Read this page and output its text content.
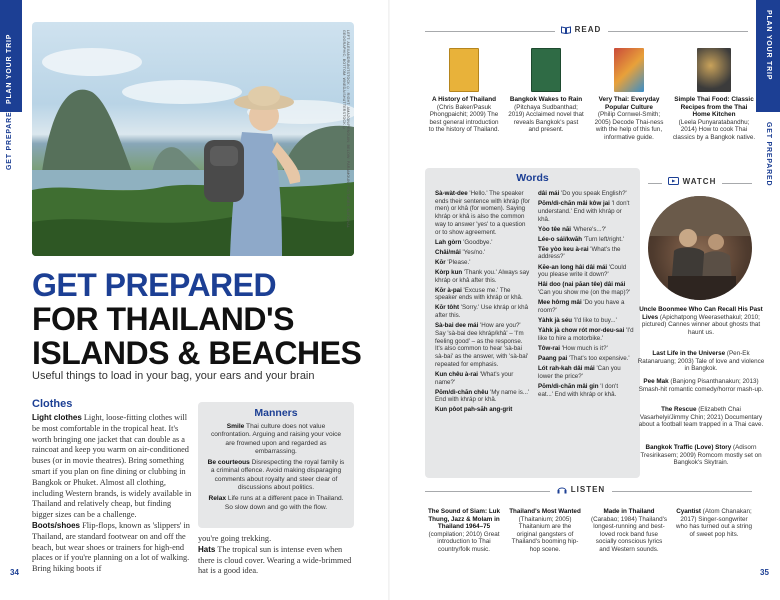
PLAN YOUR TRIP
GET PREPARED	LEFT: ALEXANDRUNITSTOCK ©; RIGHT: AMAZON/PENGUIN; BELOW: PARAMOUNT PICTURES; NATIONAL GEOGRAPHIC; BOTTOM: WNEDA/SHUTTERSTOCK ©
GET PREPARED
FOR THAILAND'S
ISLANDS & BEACHES
Useful things to load in your bag, your ears and your brain
Clothes
Light clothes Light, loose-fitting clothes will be most comfortable in the tropical heat. It's worth bringing one jacket that can double as a raincoat and keep you warm on air-conditioned buses (or in movie theatres). Bring something smart if you plan on fine dining or clubbing in Bangkok or Phuket. Almost all clothing, including Western brands, is widely available in Thailand and relatively cheap, but finding bigger sizes can be a challenge.
Boots/shoes Flip-flops, known as 'slippers' in Thailand, are standard footwear on and off the beach, but wear shoes or trainers for high-end places or if you're planning on a lot of walking. Bring hiking boots if
Manners

Smile Thai culture does not value confrontation. Arguing and raising your voice are frowned upon and regarded as embarrassing.

Be courteous Disrespecting the royal family is a criminal offence. Avoid making disparaging comments about royalty and steer clear of discussions about politics.

Relax Life runs at a different pace in Thailand. So slow down and go with the flow.

you're going trekking.
Hats The tropical sun is intense even when there is cloud cover. Wearing a wide-brimmed hat is a good idea.
34
PLAN YOUR TRIP
GET PREPARED
READ
A History of Thailand
(Chris Baker/Pasuk Phongpaichit; 2009) The best general introduction to the history of Thailand.
Bangkok Wakes to Rain
(Pitchaya Sudbanthad; 2019) Acclaimed novel that reveals Bangkok's past and present.
Very Thai: Everyday Popular Culture
(Philip Cornwel-Smith; 2005) Decode Thai-ness with the help of this fun, informative guide.
Simple Thai Food: Classic Recipes from the Thai Home Kitchen
(Leela Punyaratabandhu; 2014) How to cook Thai classics by a Bangkok native.
Words
Sà-wàt-dee 'Hello.' The speaker ends their sentence with khráp (for men) or khâ (for women). Saying khráp or khâ is also the common way to answer 'yes' to a question or to show agreement.
Lah gòrn 'Goodbye.'
Châi/mâi 'Yes/no.'
Kŏr 'Please.'
Kòrp kun 'Thank you.' Always say khráp or khâ after this.
Kŏr à-pai 'Excuse me.' The speaker ends with khráp or khâ.
Kŏr tôht 'Sorry.' Use khráp or khâ after this.
Sà-bai dee mái 'How are you?' Say 'sà-bai dee khráp/khâ' – 'I'm feeling good' – as the response. It's also common to hear 'sà-bai sà-bai' as the answer, with 'sà-bai' repeated for emphasis.
Kun chêu à-rai 'What's your name?'
Pŏm/dì-chăn chêu 'My name is...' End with khráp or khâ.
Kun pôot pah-săh ang-grit
dâi mái 'Do you speak English?'
Pŏm/dì-chăn mâi kôw jai 'I don't understand.' End with khráp or khâ.
Yòo têe năi 'Where's...?'
Lée-o sái/kwăh 'Turn left/right.'
Tĕe yòo keu à-rai 'What's the address?'
Kĕe-an long hâi dâi mái 'Could you please write it down?'
Hâi doo (nai păan têe) dâi mái 'Can you show me (on the map)?'
Mee hôrng mâi 'Do you have a room?'
Yàhk jà séu 'I'd like to buy...'
Yàhk jà chow rót mor-deu-sai 'I'd like to hire a motorbike.'
Tôw-rai 'How much is it?'
Paang pai 'That's too expensive.'
Lót rah-kah dâi mái 'Can you lower the price?'
Pŏm/dì-chăn mâi gin 'I don't eat...' End with khráp or khâ.
WATCH
Uncle Boonmee Who Can Recall His Past Lives (Apichatpong Weerasethakul; 2010; pictured) Cannes winner about ghosts that haunt us.
Last Life in the Universe (Pen-Ek Ratanaruang; 2003) Tale of love and violence in Bangkok.
Pee Mak (Banjong Pisanthanakun; 2013) Smash-hit romantic comedy/horror mash-up.
The Rescue (Elizabeth Chai Vasarhelyi/Jimmy Chin; 2021) Documentary about a football team trapped in a Thai cave.
Bangkok Traffic (Love) Story (Adisorn Tresirikasem; 2009) Romcom mostly set on Bangkok's Skytrain.
LISTEN
The Sound of Siam: Luk Thung, Jazz & Molam in Thailand 1964–75 (compilation; 2010) Great introduction to Thai country/folk music.
Thailand's Most Wanted (Thaitanium; 2005) Thaitanium are the original gangsters of Thailand's booming hip-hop scene.
Made in Thailand (Carabao; 1984) Thailand's longest-running and best-loved rock band fuse socially conscious lyrics and Western sounds.
Cyantist (Atom Chanakan; 2017) Singer-songwriter who has turned out a string of sweet pop hits.
35
